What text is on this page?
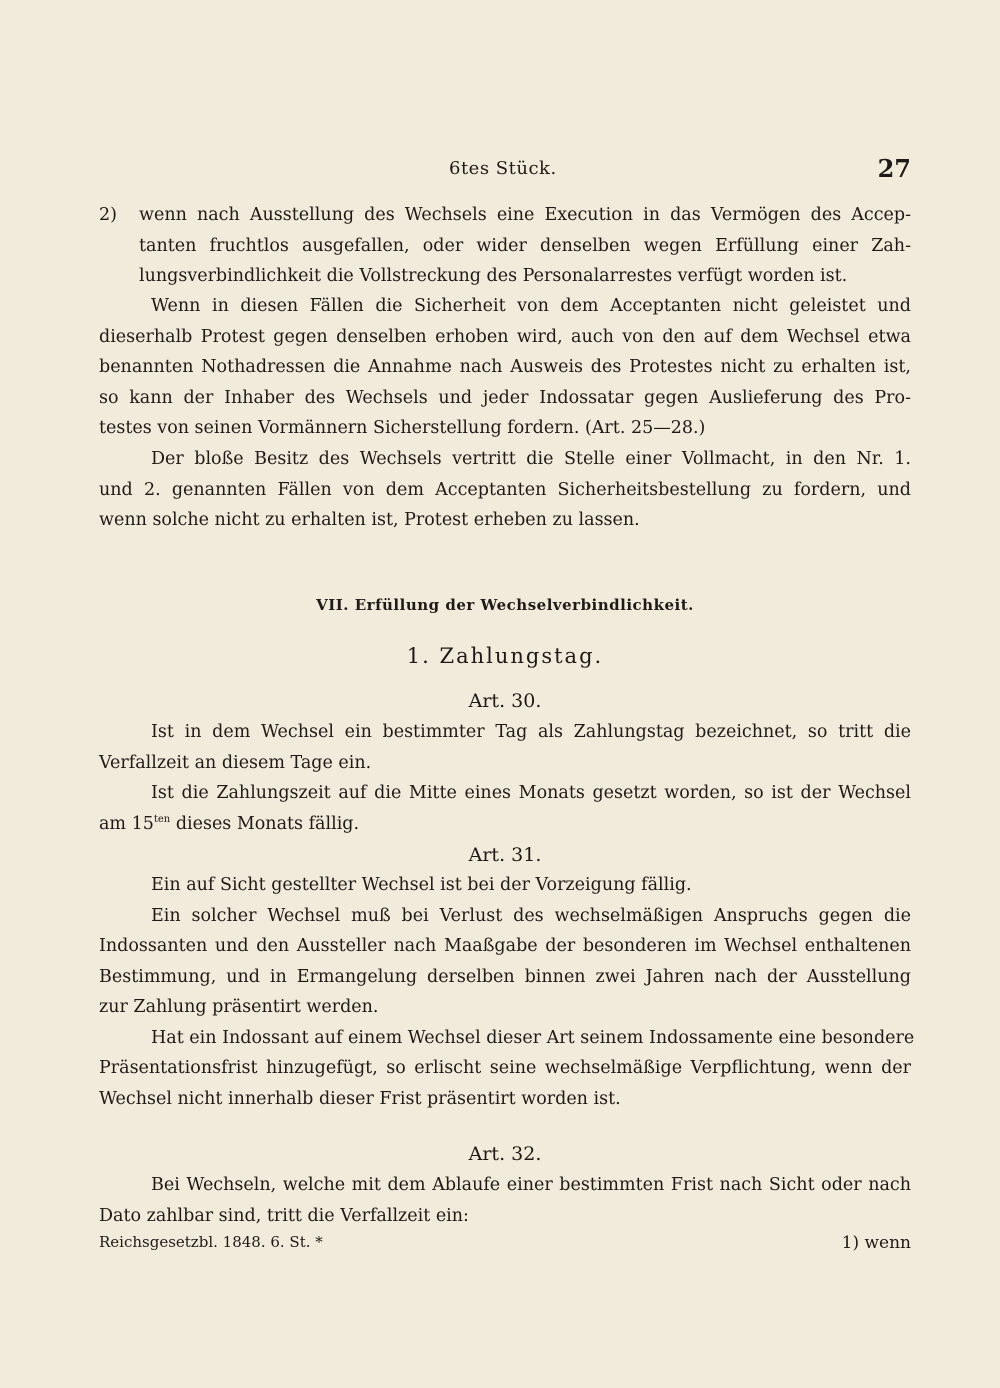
6tes Stück.	27
2) wenn nach Ausstellung des Wechsels eine Execution in das Vermögen des Accep-
tanten fruchtlos ausgefallen, oder wider denselben wegen Erfüllung einer Zah-
lungsverbindlichkeit die Vollstreckung des Personalarrestes verfügt worden ist.
Wenn in diesen Fällen die Sicherheit von dem Acceptanten nicht geleistet und
dieserhalb Protest gegen denselben erhoben wird, auch von den auf dem Wechsel etwa
benannten Nothadressen die Annahme nach Ausweis des Protestes nicht zu erhalten ist,
so kann der Inhaber des Wechsels und jeder Indossatar gegen Auslieferung des Pro-
testes von seinen Vormännern Sicherstellung fordern. (Art. 25—28.)
Der bloße Besitz des Wechsels vertritt die Stelle einer Vollmacht, in den Nr. 1.
und 2. genannten Fällen von dem Acceptanten Sicherheitsbestellung zu fordern, und
wenn solche nicht zu erhalten ist, Protest erheben zu lassen.
VII. Erfüllung der Wechselverbindlichkeit.
1. Zahlungstag.
Art. 30.
Ist in dem Wechsel ein bestimmter Tag als Zahlungstag bezeichnet, so tritt die
Verfallzeit an diesem Tage ein.
Ist die Zahlungszeit auf die Mitte eines Monats gesetzt worden, so ist der Wechsel
am $15^{ten}$ dieses Monats fällig.
Art. 31.
Ein auf Sicht gestellter Wechsel ist bei der Vorzeigung fällig.
Ein solcher Wechsel muß bei Verlust des wechselmäßigen Anspruchs gegen die
Indossanten und den Aussteller nach Maaßgabe der besonderen im Wechsel enthaltenen
Bestimmung, und in Ermangelung derselben binnen zwei Jahren nach der Ausstellung
zur Zahlung präsentirt werden.
Hat ein Indossant auf einem Wechsel dieser Art seinem Indossamente eine besondere
Präsentationsfrist hinzugefügt, so erlischt seine wechselmäßige Verpflichtung, wenn der
Wechsel nicht innerhalb dieser Frist präsentirt worden ist.
Art. 32.
Bei Wechseln, welche mit dem Ablaufe einer bestimmten Frist nach Sicht oder nach
Dato zahlbar sind, tritt die Verfallzeit ein:
Reichsgesetzbl. 1848. 6. St. *	1) wenn
